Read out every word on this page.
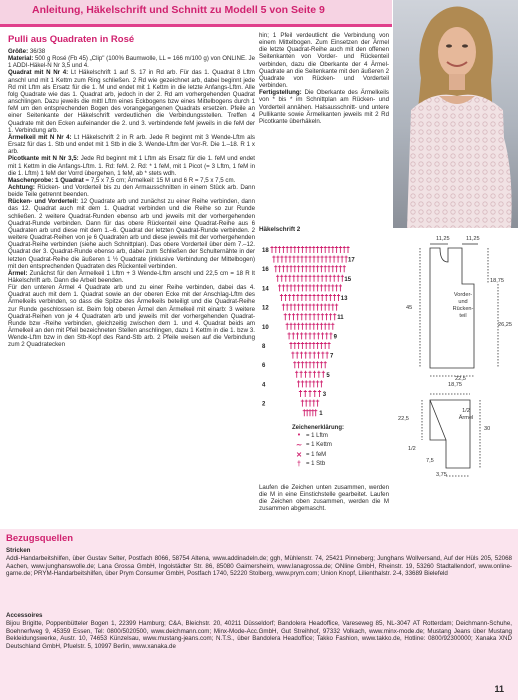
Anleitung, Häkelschrift und Schnitt zu Modell 5 von Seite 9
Pulli aus Quadraten in Rosé

Größe: 36/38

Material: 500 g Rosé (Fb 45) „Clip" (100% Baumwolle, LL = 166 m/100 g) von ONLINE. Je 1 ADDI-Häkel-N Nr 3,5 und 4.

Quadrat mit N Nr 4: Lt Häkelschrift 1 auf S. 17 in Rd arb. Für das 1. Quadrat 8 Lftm anschl und mit 1 Kettm zum Ring schließen. 2 Rd wie gezeichnet arb, dabei beginnt jede Rd mit Lftm als Ersatz für die 1. M und endet mit 1 Kettm in die letzte Anfangs-Lftm. Alle folg Quadrate wie das 1. Quadrat arb, jedoch in der 2. Rd am vorhergehenden Quadrat anschlingen. Dazu jeweils die mittl Lftm eines Eckbogens bzw eines Mittelbogens durch 1 feM um den entsprechenden Bogen des vorangegangenen Quadrats ersetzen. Pfeile an einer Seitenkante der Häkelschrift verdeutlichen die Verbindungsstellen. Treffen 4 Quadrate mit den Ecken aufeinander die 2. und 3. verbindende feM jeweils in die feM der 1. Verbindung arb.

Ärmelkeil mit N Nr 4: Lt Häkelschrift 2 in R arb. Jede R beginnt mit 3 Wende-Lftm als Ersatz für das 1. Stb und endet mit 1 Stb in die 3. Wende-Lftm der Vor-R. Die 1.–18. R 1 x arb.

Picotkante mit N Nr 3,5: Jede Rd beginnt mit 1 Lftm als Ersatz für die 1. feM und endet mit 1 Kettm in die Anfangs-Lftm. 1. Rd: feM. 2. Rd: * 1 feM, mit 1 Picot (= 3 Lftm, 1 feM in die 1. Lftm) 1 feM der Vorrd übergehen, 1 feM, ab * stets wdh.

Maschenprobe: 1 Quadrat = 7,5 x 7,5 cm; Ärmelkeil: 15 M und 6 R = 7,5 x 7,5 cm.

Achtung: Rücken- und Vorderteil bis zu den Armausschnitten in einem Stück arb. Dann beide Teile getrennt beenden.

Rücken- und Vorderteil: 12 Quadrate arb und zunächst zu einer Reihe verbinden, dann das 12. Quadrat auch mit dem 1. Quadrat verbinden und die Reihe so zur Runde schließen. 2 weitere Quadrat-Runden ebenso arb und jeweils mit der vorhergehenden Quadrat-Runde verbinden. Dann für das obere Rückenteil eine Quadrat-Reihe aus 6 Quadraten arb und diese mit dem 1.–6. Quadrat der letzten Quadrat-Runde verbinden. 2 weitere Quadrat-Reihen von je 6 Quadraten arb und diese jeweils mit der vorhergehenden Quadrat-Reihe verbinden (siehe auch Schnittplan). Das obere Vorderteil über dem 7.–12. Quadrat der 3. Quadrat-Runde ebenso arb, dabei zum Schließen der Schulternähte in der letzten Quadrat-Reihe die äußeren 1 ½ Quadrate (inklusive Verbindung der Mittelbogen) mit den entsprechenden Quadraten des Rückenteil verbinden.

Ärmel: Zunächst für den Ärmelkeil 1 Lftm + 3 Wende-Lftm anschl und 22,5 cm = 18 R lt Häkelschrift arb. Dann die Arbeit beenden.

Für den unteren Ärmel 4 Quadrate arb und zu einer Reihe verbinden, dabei das 4. Quadrat auch mit dem 1. Quadrat sowie an der oberen Ecke mit der Anschlag-Lftm des Ärmelkeils verbinden, so dass die Spitze des Ärmelkeils beteiligt und die Quadrat-Reihe zur Runde geschlossen ist. Beim folg oberen Ärmel den Ärmelkeil mit einarb: 3 weitere Quadrat-Reihen von je 4 Quadraten arb und jeweils mit der vorhergehenden Quadrat-Runde bzw -Reihe verbinden, gleichzeitig zwischen dem 1. und 4. Quadrat beids am Ärmelkeil an den mit Pfeil bezeichneten Stellen anschlingen, dazu 1 Kettm in die 1. bzw 3. Wende-Lftm bzw in den Stb-Kopf des Rand-Stb arb. 2 Pfeile weisen auf die Verbindung zum 2 Quadratecken

hin; 1 Pfeil verdeutlicht die Verbindung von einem Mittelbogen. Zum Einsetzen der Ärmel die letzte Quadrat-Reihe auch mit den offenen Seitenkanten von Vorder- und Rückenteil verbinden, dazu die Oberkante der 4 Ärmel-Quadrate an die Seitenkante mit den äußeren 2 Quadrate von Rücken- und Vorderteil verbinden.

Fertigstellung: Die Oberkante des Ärmelkeils von * bis * im Schnittplan am Rücken- und Vorderteil annähen. Halsausschnitt- und untere Pullikante sowie Ärmelkanten jeweils mit 2 Rd Picotkante überhäkeln.

Häkelschrift 2
18
16
14
12
10
8
6
4
2
17
15
13
11
9
7
5
3
1
11,25	11,25
18,75
45
26,25
Vorder-
und
Rücken-
teil
22,5
18,75
1/2
Ärmel
22,5
30
1/2
7,5
3,75
Zeichenerklärung:
• = 1 Lftm
∼ = 1 Kettm
✕ = 1 feM
† = 1 Stb
Laufen die Zeichen unten zusammen, werden die M in eine Einstichstelle gearbeitet. Laufen die Zeichen oben zusammen, werden die M zusammen abgemascht.
Bezugsquellen
Stricken
Addi-Handarbeitshilfen, über Gustav Selter, Postfach 8066, 58754 Altena, www.addinadeln.de; ggh, Mühlenstr. 74, 25421 Pinneberg; Junghans Wollversand, Auf der Hüls 205, 52068 Aachen, www.junghanswolle.de; Lana Grossa GmbH, Ingolstädter Str. 86, 85080 Gaimersheim, www.lanagrossa.de; ONline GmbH, Rheinstr. 19, 53260 Stadtallendorf, www.online-garne.de; PRYM-Handarbeitshilfen, über Prym Consumer GmbH, Postfach 1740, 52220 Stolberg, www.prym.com; Union Knopf, Lilienthalstr. 2-4, 33689 Bielefeld
Accessoires
Bijou Brigitte, Poppenbütteler Bogen 1, 22399 Hamburg; C&A, Bleichstr. 20, 40211 Düsseldorf; Bandolera Headoffice, Vareseweg 85, NL-3047 AT Rotterdam; Deichmann-Schuhe, Boehnerfweg 9, 45359 Essen, Tel: 0800/5020500, www.deichmann.com; Minx-Mode-Acc.GmbH, Gut Streihhof, 97332 Volkach, www.minx-mode.de; Mustang Jeans über Mustang Bekleidungswerke, Austr. 10, 74653 Künzelsau, www.mustang-jeans.com; N.T.S., über Bandolera Headoffice; Takko Fashion, www.takko.de, Hotline: 0800/92300000; Xanaka XND Deutschland GmbH, Pfuelstr. 5, 10997 Berlin, www.xanaka.de
11
